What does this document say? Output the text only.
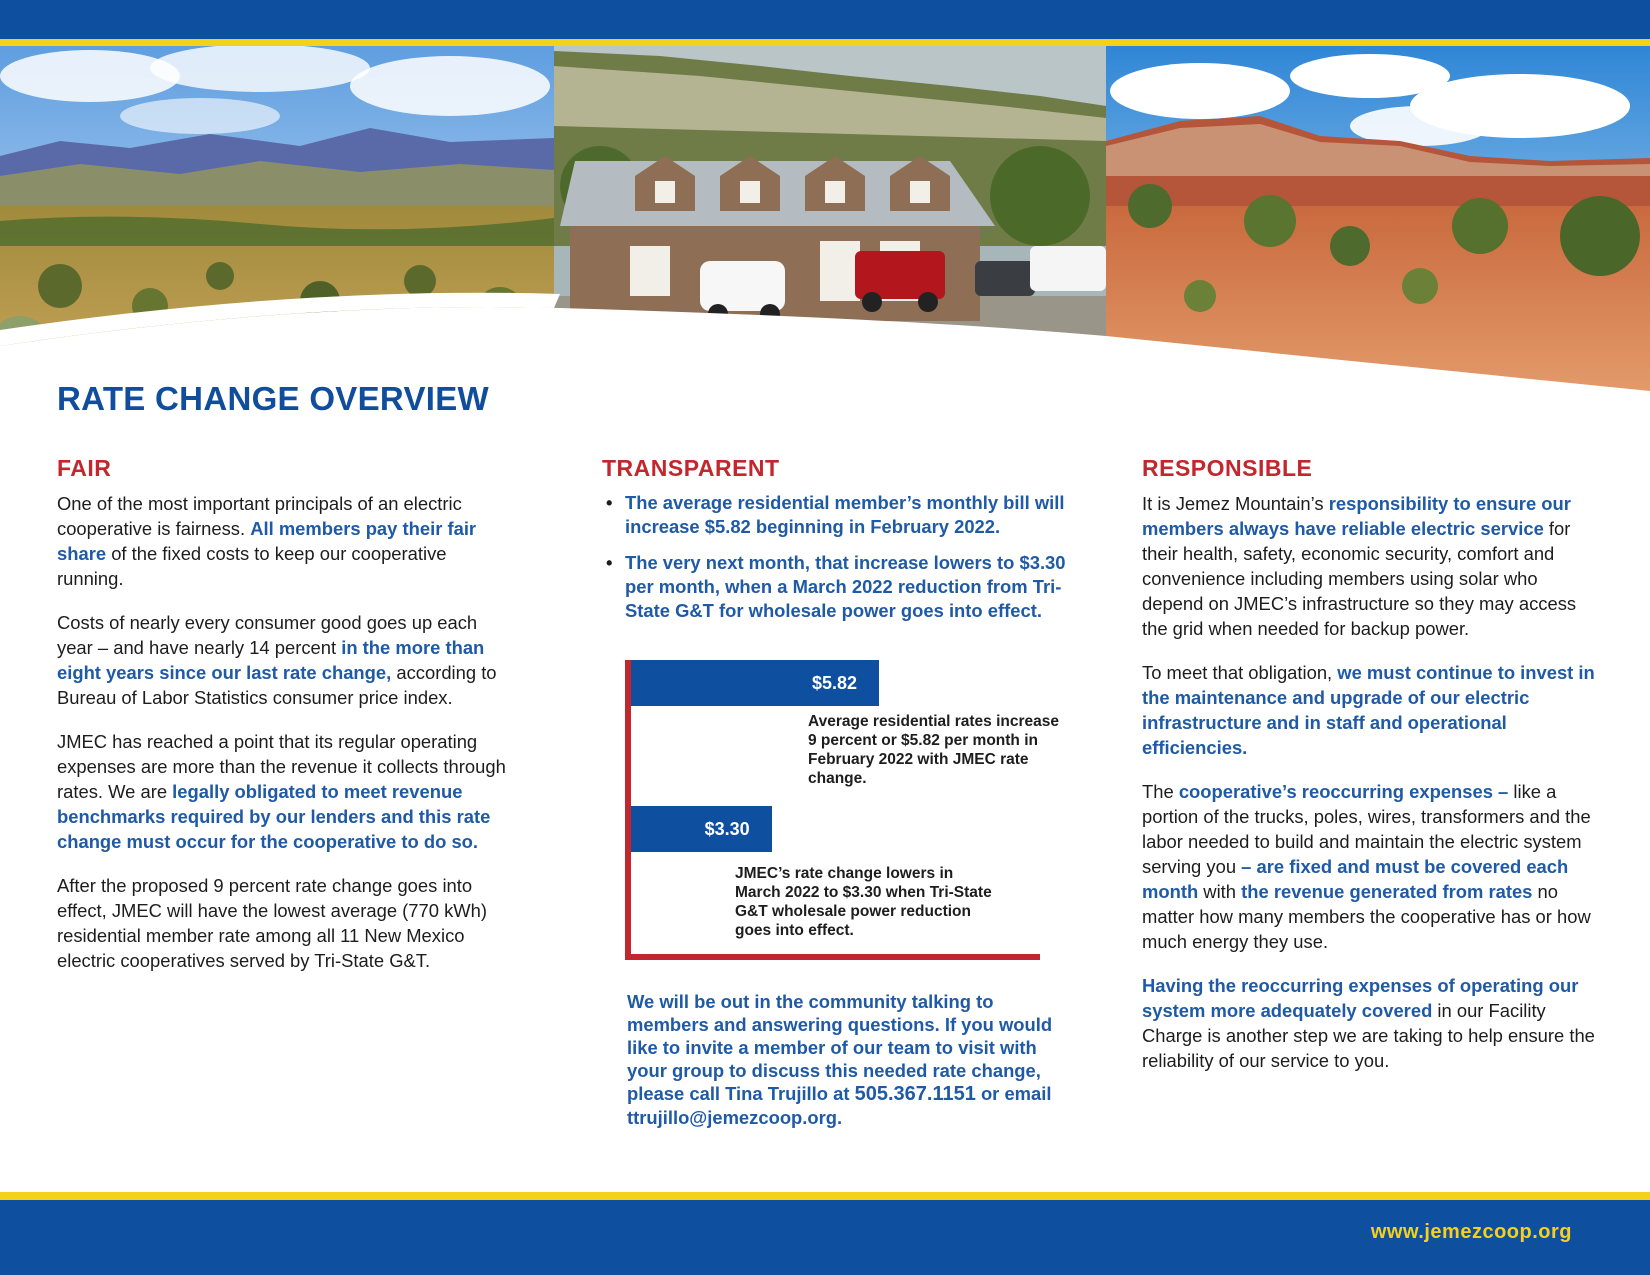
RATE CHANGE OVERVIEW
FAIR

One of the most important principals of an electric cooperative is fairness. All members pay their fair share of the fixed costs to keep our cooperative running.

Costs of nearly every consumer good goes up each year – and have nearly 14 percent in the more than eight years since our last rate change, according to Bureau of Labor Statistics consumer price index.

JMEC has reached a point that its regular operating expenses are more than the revenue it collects through rates. We are legally obligated to meet revenue benchmarks required by our lenders and this rate change must occur for the cooperative to do so.

After the proposed 9 percent rate change goes into effect, JMEC will have the lowest average (770 kWh) residential member rate among all 11 New Mexico electric cooperatives served by Tri-State G&T.

TRANSPARENT
• The average residential member’s monthly bill will increase $5.82 beginning in February 2022.
• The very next month, that increase lowers to $3.30 per month, when a March 2022 reduction from Tri-State G&T for wholesale power goes into effect.
$5.82
Average residential rates increase 9 percent or $5.82 per month in February 2022 with JMEC rate change.
$3.30
JMEC’s rate change lowers in March 2022 to $3.30 when Tri-State G&T wholesale power reduction goes into effect.
We will be out in the community talking to members and answering questions. If you would like to invite a member of our team to visit with your group to discuss this needed rate change, please call Tina Trujillo at 505.367.1151 or email ttrujillo@jemezcoop.org.
RESPONSIBLE

It is Jemez Mountain’s responsibility to ensure our members always have reliable electric service for their health, safety, economic security, comfort and convenience including members using solar who depend on JMEC’s infrastructure so they may access the grid when needed for backup power.

To meet that obligation, we must continue to invest in the maintenance and upgrade of our electric infrastructure and in staff and operational efficiencies.

The cooperative’s reoccurring expenses – like a portion of the trucks, poles, wires, transformers and the labor needed to build and maintain the electric system serving you – are fixed and must be covered each month with the revenue generated from rates no matter how many members the cooperative has or how much energy they use.

Having the reoccurring expenses of operating our system more adequately covered in our Facility Charge is another step we are taking to help ensure the reliability of our service to you.

www.jemezcoop.org
